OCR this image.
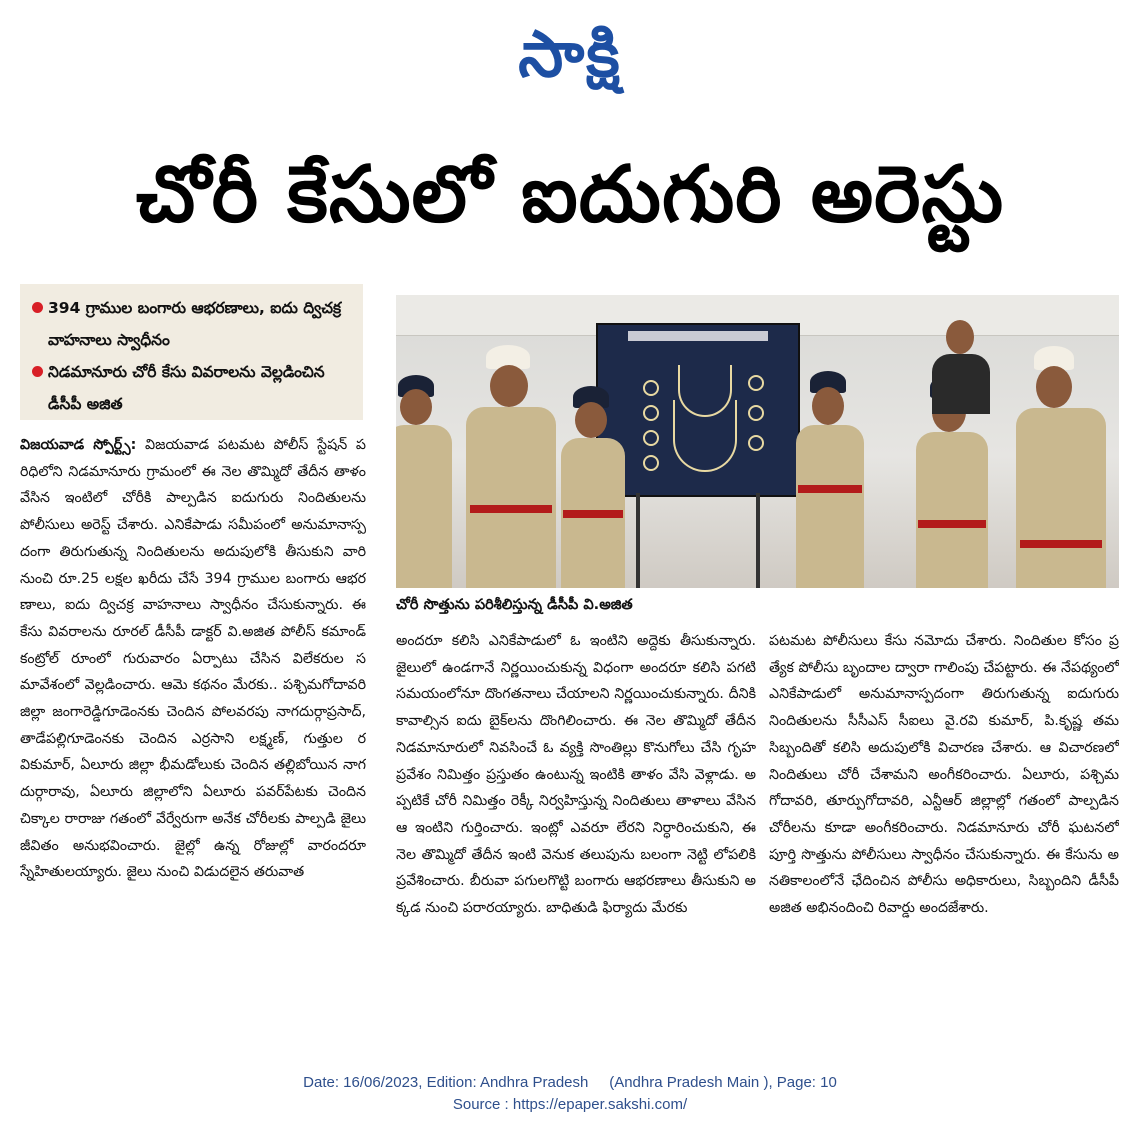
సాక్షి
చోరీ కేసులో ఐదుగురి అరెస్టు
394 గ్రాముల బంగారు ఆభరణాలు, ఐదు ద్విచక్ర వాహనాలు స్వాధీనం
నిడమానూరు చోరీ కేసు వివరాలను వెల్లడించిన డీసీపీ అజిత
విజయవాడ స్పోర్ట్స్: విజయవాడ పటమట పోలీస్ స్టేషన్ పరిధిలోని నిడమానూరు గ్రామంలో ఈ నెల తొమ్మిదో తేదీన తాళం వేసిన ఇంటిలో చోరీకి పాల్పడిన ఐదుగురు నిందితులను పోలీసులు అరెస్ట్ చేశారు. ఎనికేపాడు సమీపంలో అనుమానాస్పదంగా తిరుగుతున్న నిందితులను అదుపులోకి తీసుకుని వారి నుంచి రూ.25 లక్షల ఖరీదు చేసే 394 గ్రాముల బంగారు ఆభరణాలు, ఐదు ద్విచక్ర వాహనాలు స్వాధీనం చేసుకున్నారు. ఈ కేసు వివరాలను రూరల్ డీసీపీ డాక్టర్ వి.అజిత పోలీస్ కమాండ్ కంట్రోల్ రూంలో గురువారం ఏర్పాటు చేసిన విలేకరుల సమావేశంలో వెల్లడించారు. ఆమె కథనం మేరకు.. పశ్చిమగోదావరి జిల్లా జంగారెడ్డిగూడెంనకు చెందిన పోలవరపు నాగదుర్గాప్రసాద్, తాడేపల్లిగూడెంనకు చెందిన ఎర్రసాని లక్ష్మణ్, గుత్తుల రవికుమార్, ఏలూరు జిల్లా భీమడోలుకు చెందిన తల్లిబోయిన నాగదుర్గారావు, ఏలూరు జిల్లాలోని ఏలూరు పవర్‌పేటకు చెందిన చిక్కాల రారాజు గతంలో వేర్వేరుగా అనేక చోరీలకు పాల్పడి జైలు జీవితం అనుభవించారు. జైల్లో ఉన్న రోజుల్లో వారందరూ స్నేహితులయ్యారు. జైలు నుంచి విడుదలైన తరువాత
చోరీ సొత్తును పరిశీలిస్తున్న డీసీపీ వి.అజిత
అందరూ కలిసి ఎనికేపాడులో ఓ ఇంటిని అద్దెకు తీసుకున్నారు. జైలులో ఉండగానే నిర్ణయించుకున్న విధంగా అందరూ కలిసి పగటి సమయంలోనూ దొంగతనాలు చేయాలని నిర్ణయించుకున్నారు. దీనికి కావాల్సిన ఐదు బైక్‌లను దొంగిలించారు. ఈ నెల తొమ్మిదో తేదీన నిడమానూరులో నివసించే ఓ వ్యక్తి సొంతిల్లు కొనుగోలు చేసి గృహ ప్రవేశం నిమిత్తం ప్రస్తుతం ఉంటున్న ఇంటికి తాళం వేసి వెళ్లాడు. అప్పటికే చోరీ నిమిత్తం రెక్కీ నిర్వహిస్తున్న నిందితులు తాళాలు వేసిన ఆ ఇంటిని గుర్తించారు. ఇంట్లో ఎవరూ లేరని నిర్ధారించుకుని, ఈ నెల తొమ్మిదో తేదీన ఇంటి వెనుక తలుపును బలంగా నెట్టి లోపలికి ప్రవేశించారు. బీరువా పగులగొట్టి బంగారు ఆభరణాలు తీసుకుని అక్కడ నుంచి పరారయ్యారు. బాధితుడి ఫిర్యాదు మేరకు
పటమట పోలీసులు కేసు నమోదు చేశారు. నిందితుల కోసం ప్రత్యేక పోలీసు బృందాల ద్వారా గాలింపు చేపట్టారు. ఈ నేపథ్యంలో ఎనికేపాడులో అనుమానాస్పదంగా తిరుగుతున్న ఐదుగురు నిందితులను సీసీఎస్ సీఐలు వై.రవి కుమార్, పి.కృష్ణ తమ సిబ్బందితో కలిసి అదుపులోకి విచారణ చేశారు. ఆ విచారణలో నిందితులు చోరీ చేశామని అంగీకరించారు. ఏలూరు, పశ్చిమగోదావరి, తూర్పుగోదావరి, ఎన్టీఆర్ జిల్లాల్లో గతంలో పాల్పడిన చోరీలను కూడా అంగీకరించారు. నిడమానూరు చోరీ ఘటనలో పూర్తి సొత్తును పోలీసులు స్వాధీనం చేసుకున్నారు. ఈ కేసును అనతికాలంలోనే ఛేదించిన పోలీసు అధికారులు, సిబ్బందిని డీసీపీ అజిత అభినందించి రివార్డు అందజేశారు.
Date: 16/06/2023, Edition: Andhra Pradesh     (Andhra Pradesh Main ), Page: 10
Source : https://epaper.sakshi.com/
